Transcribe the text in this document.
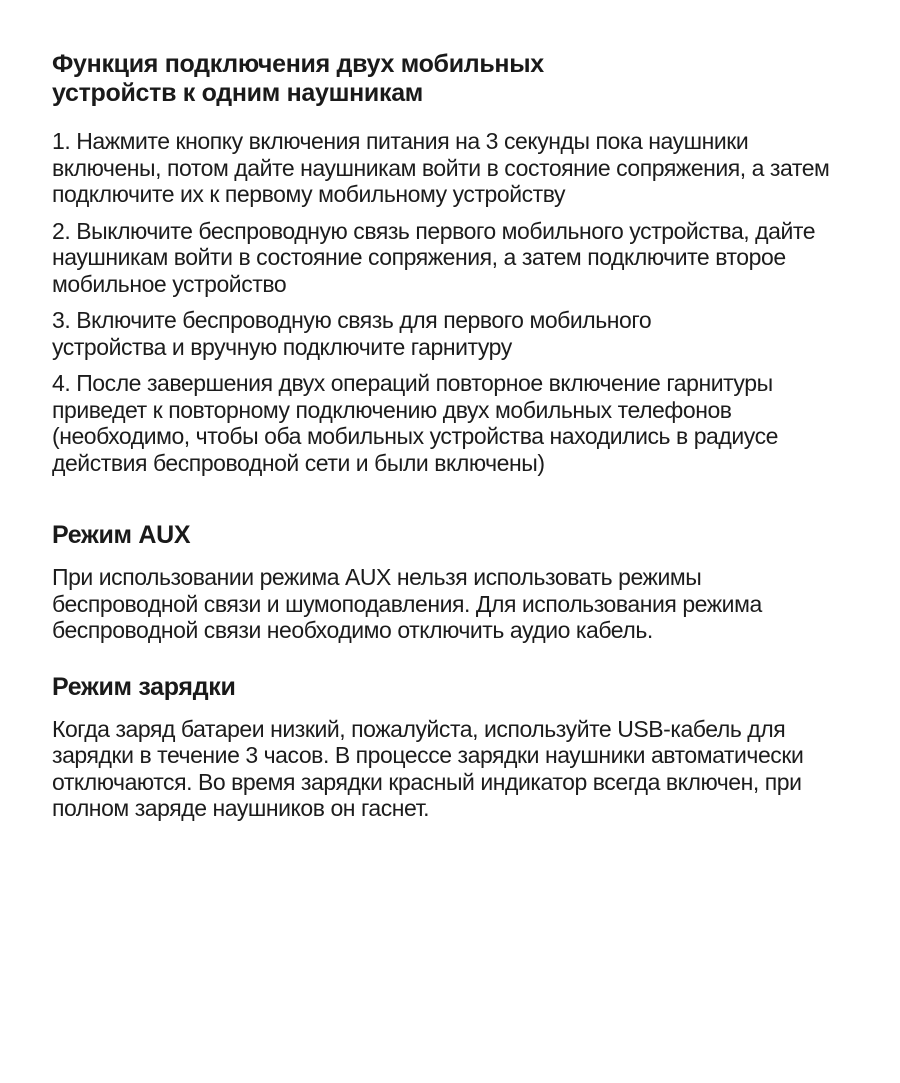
Функция подключения двух мобильных
устройств к одним наушникам

1. Нажмите кнопку включения питания на 3 секунды пока наушники включены, потом дайте наушникам войти в состояние сопряжения, а затем подключите их к первому мобильному устройству

2. Выключите беспроводную связь первого мобильного устройства, дайте наушникам войти в состояние сопряжения, а затем подключите второе мобильное устройство

3. Включите беспроводную связь для первого мобильного устройства и вручную подключите гарнитуру

4. После завершения двух операций повторное включение гарнитуры приведет к повторному подключению двух мобильных телефонов (необходимо, чтобы оба мобильных устройства находились в радиусе действия беспроводной сети и были включены)

Режим AUX

При использовании режима AUX нельзя использовать режимы беспроводной связи и шумоподавления. Для использования режима беспроводной связи необходимо отключить аудио кабель.

Режим зарядки

Когда заряд батареи низкий, пожалуйста, используйте USB-кабель для зарядки в течение 3 часов. В процессе зарядки наушники автоматически отключаются. Во время зарядки красный индикатор всегда включен, при полном заряде наушников он гаснет.
